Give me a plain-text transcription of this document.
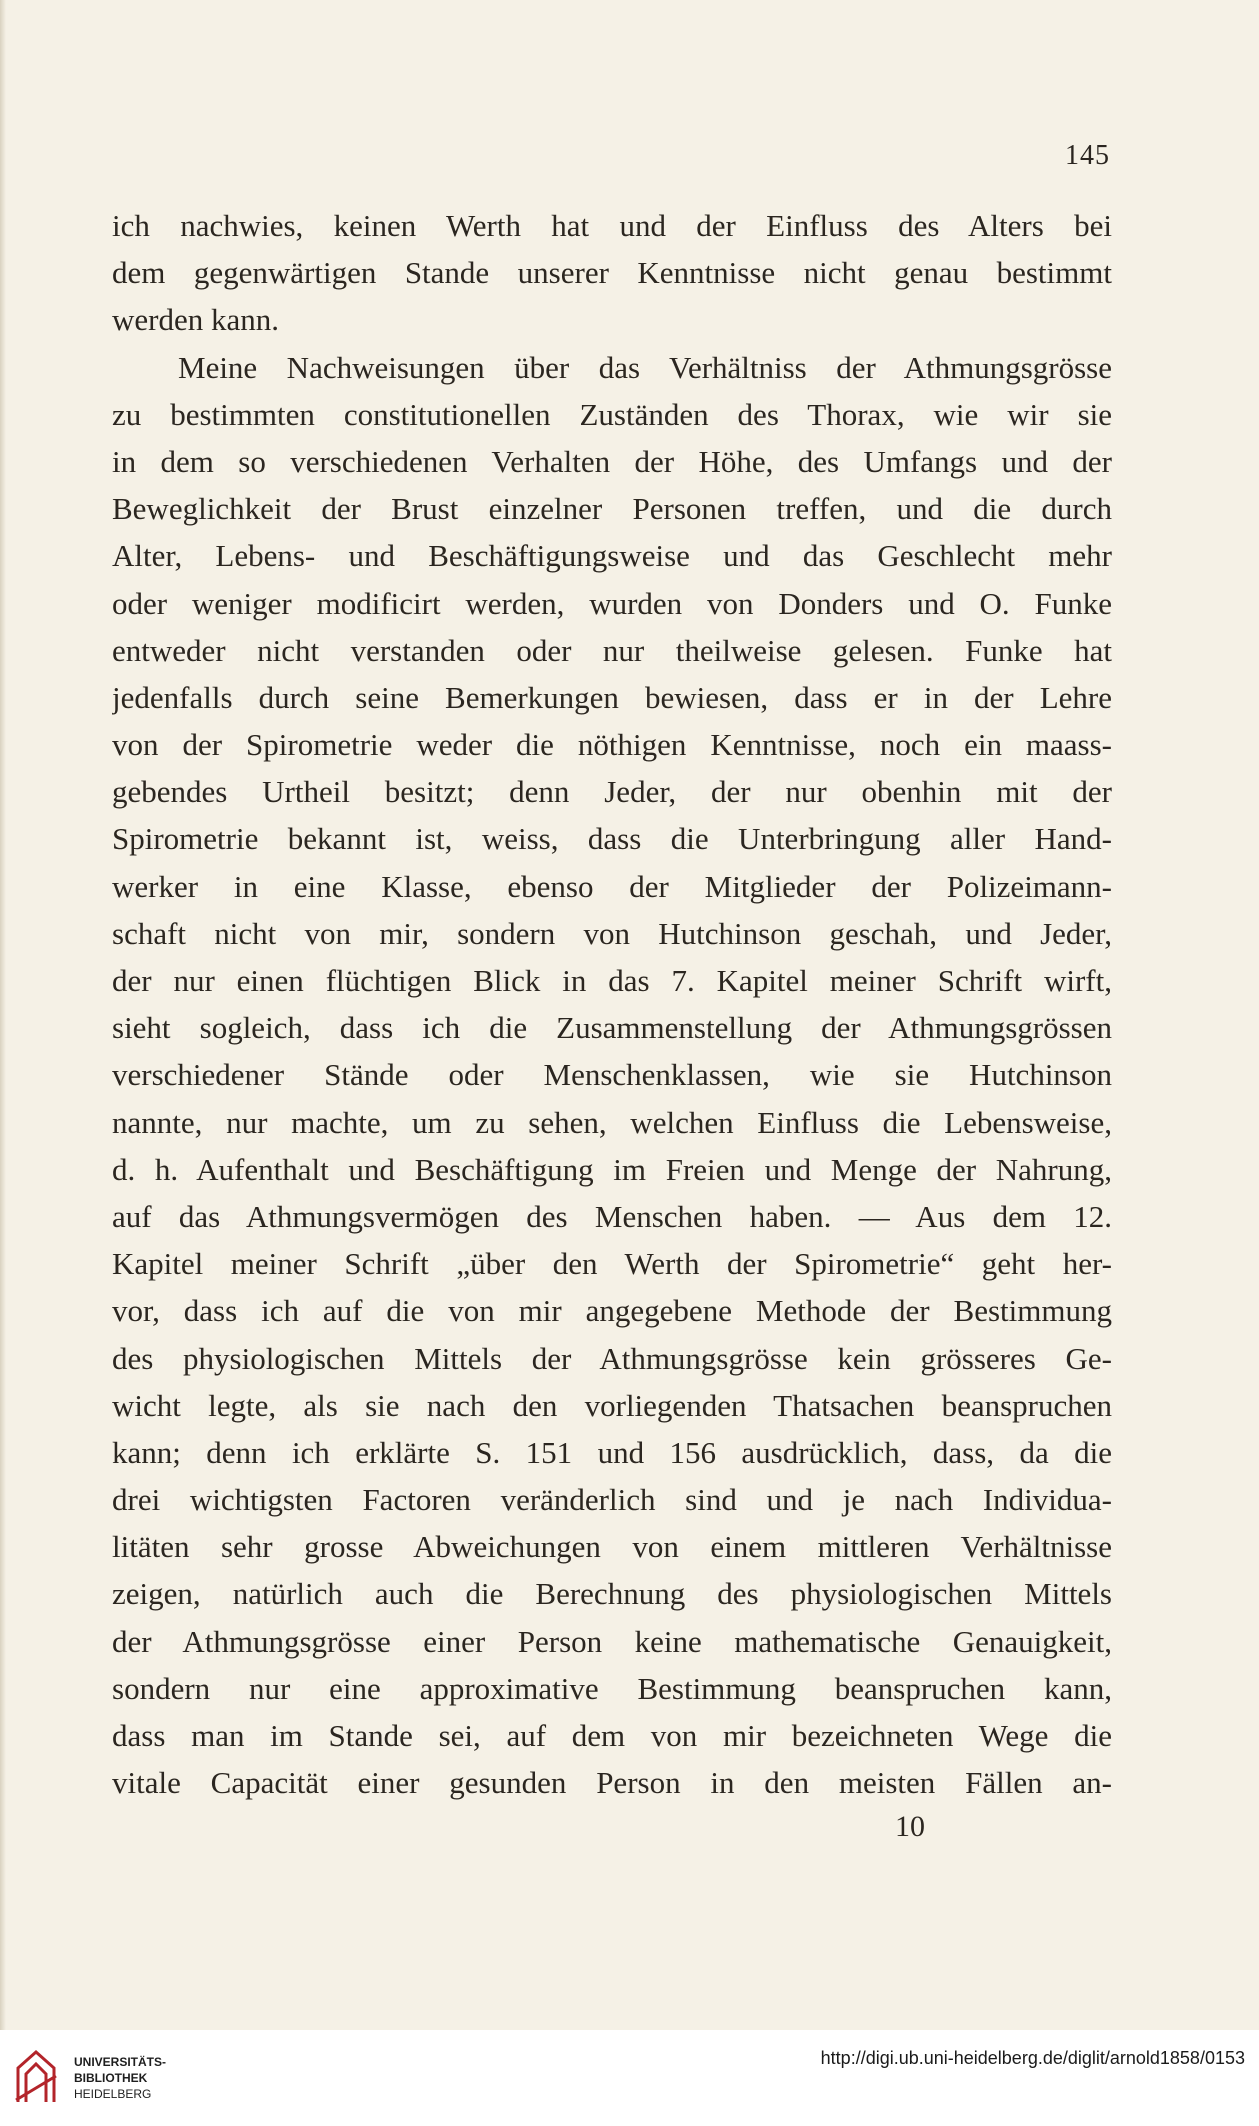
145
ich nachwies, keinen Werth hat und der Einfluss des Alters bei
dem gegenwärtigen Stande unserer Kenntnisse nicht genau bestimmt
werden kann.
Meine Nachweisungen über das Verhältniss der Athmungsgrösse
zu bestimmten constitutionellen Zuständen des Thorax, wie wir sie
in dem so verschiedenen Verhalten der Höhe, des Umfangs und der
Beweglichkeit der Brust einzelner Personen treffen, und die durch
Alter, Lebens- und Beschäftigungsweise und das Geschlecht mehr
oder weniger modificirt werden, wurden von Donders und O. Funke
entweder nicht verstanden oder nur theilweise gelesen. Funke hat
jedenfalls durch seine Bemerkungen bewiesen, dass er in der Lehre
von der Spirometrie weder die nöthigen Kenntnisse, noch ein maass-
gebendes Urtheil besitzt; denn Jeder, der nur obenhin mit der
Spirometrie bekannt ist, weiss, dass die Unterbringung aller Hand-
werker in eine Klasse, ebenso der Mitglieder der Polizeimann-
schaft nicht von mir, sondern von Hutchinson geschah, und Jeder,
der nur einen flüchtigen Blick in das 7. Kapitel meiner Schrift wirft,
sieht sogleich, dass ich die Zusammenstellung der Athmungsgrössen
verschiedener Stände oder Menschenklassen, wie sie Hutchinson
nannte, nur machte, um zu sehen, welchen Einfluss die Lebensweise,
d. h. Aufenthalt und Beschäftigung im Freien und Menge der Nahrung,
auf das Athmungsvermögen des Menschen haben. — Aus dem 12.
Kapitel meiner Schrift „über den Werth der Spirometrie“ geht her-
vor, dass ich auf die von mir angegebene Methode der Bestimmung
des physiologischen Mittels der Athmungsgrösse kein grösseres Ge-
wicht legte, als sie nach den vorliegenden Thatsachen beanspruchen
kann; denn ich erklärte S. 151 und 156 ausdrücklich, dass, da die
drei wichtigsten Factoren veränderlich sind und je nach Individua-
litäten sehr grosse Abweichungen von einem mittleren Verhältnisse
zeigen, natürlich auch die Berechnung des physiologischen Mittels
der Athmungsgrösse einer Person keine mathematische Genauigkeit,
sondern nur eine approximative Bestimmung beanspruchen kann,
dass man im Stande sei, auf dem von mir bezeichneten Wege die
vitale Capacität einer gesunden Person in den meisten Fällen an-
10
UNIVERSITÄTS-
BIBLIOTHEK
HEIDELBERG
http://digi.ub.uni-heidelberg.de/diglit/arnold1858/0153
